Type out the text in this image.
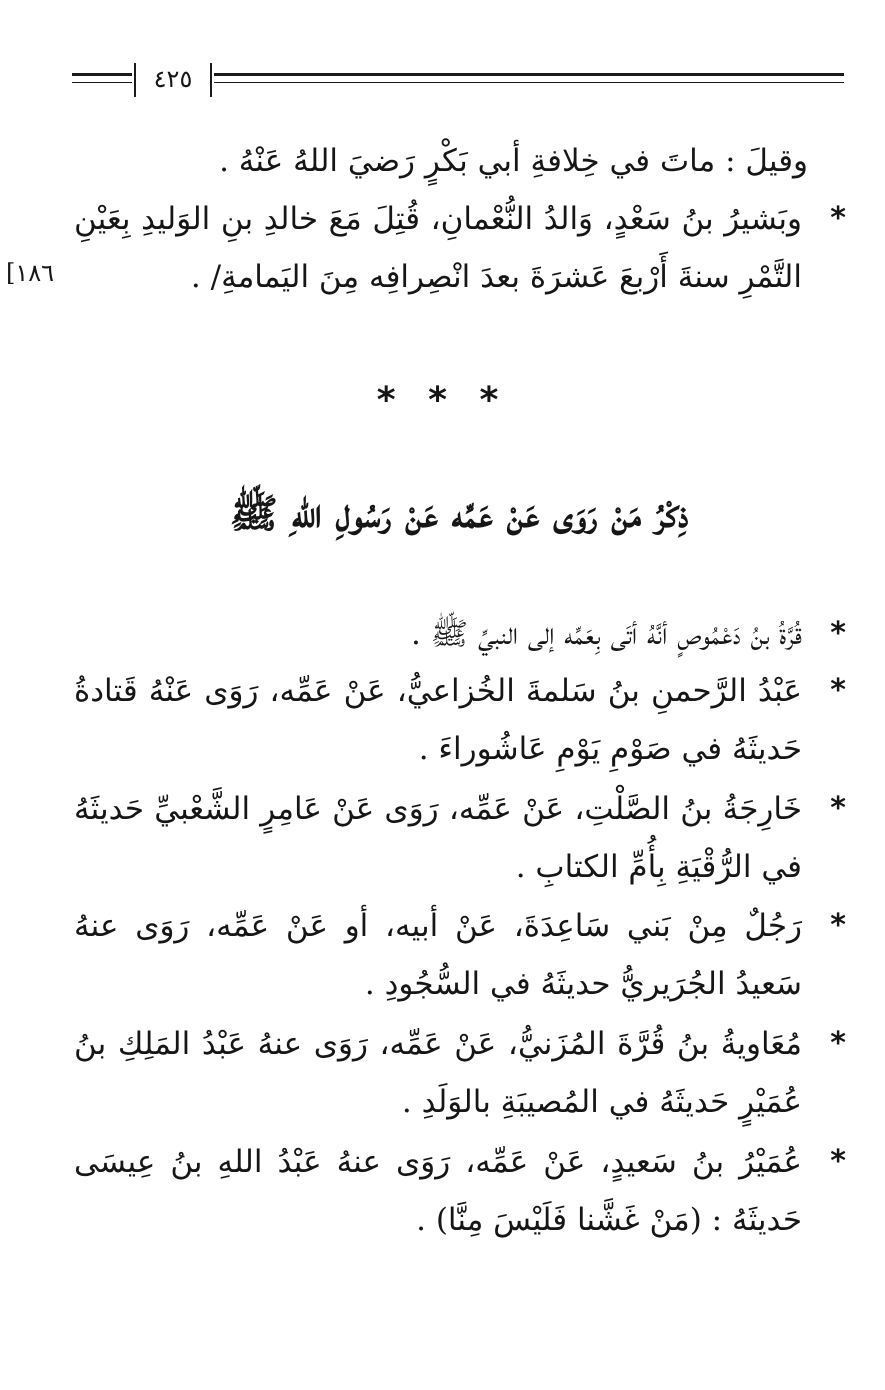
٤٢٥
١٨٦]
وقيلَ : ماتَ في خِلافةِ أبي بَكْرٍ رَضيَ اللهُ عَنْهُ .
*
وبَشيرُ بنُ سَعْدٍ، وَالدُ النُّعْمانِ، قُتِلَ مَعَ خالدِ بنِ الوَليدِ بِعَيْنِ التَّمْرِ سنةَ أَرْبعَ عَشرَةَ بعدَ انْصِرافِه مِنَ اليَمامةِ/ .
* * *
ذِكْرُ مَنْ رَوَى عَنْ عَمِّه عَنْ رَسُولِ اللهِ ﷺ
*
قُرَّةُ بنُ دَعْمُوصٍ أنَّهُ أتَى بِعَمِّه إلى النبيِّ ﷺ .
*
عَبْدُ الرَّحمنِ بنُ سَلمةَ الخُزاعيُّ، عَنْ عَمِّه، رَوَى عَنْهُ قَتادةُ حَديثَهُ في صَوْمِ يَوْمِ عَاشُوراءَ .
*
خَارِجَةُ بنُ الصَّلْتِ، عَنْ عَمِّه، رَوَى عَنْ عَامِرٍ الشَّعْبيِّ حَديثَهُ في الرُّقْيَةِ بِأُمِّ الكتابِ .
*
رَجُلٌ مِنْ بَني سَاعِدَةَ، عَنْ أبيه، أو عَنْ عَمِّه، رَوَى عنهُ سَعيدُ الجُرَيريُّ حديثَهُ في السُّجُودِ .
*
مُعَاويةُ بنُ قُرَّةَ المُزَنيُّ، عَنْ عَمِّه، رَوَى عنهُ عَبْدُ المَلِكِ بنُ عُمَيْرٍ حَديثَهُ في المُصيبَةِ بالوَلَدِ .
*
عُمَيْرُ بنُ سَعيدٍ، عَنْ عَمِّه، رَوَى عنهُ عَبْدُ اللهِ بنُ عِيسَى حَديثَهُ : (مَنْ غَشَّنا فَلَيْسَ مِنَّا) .
